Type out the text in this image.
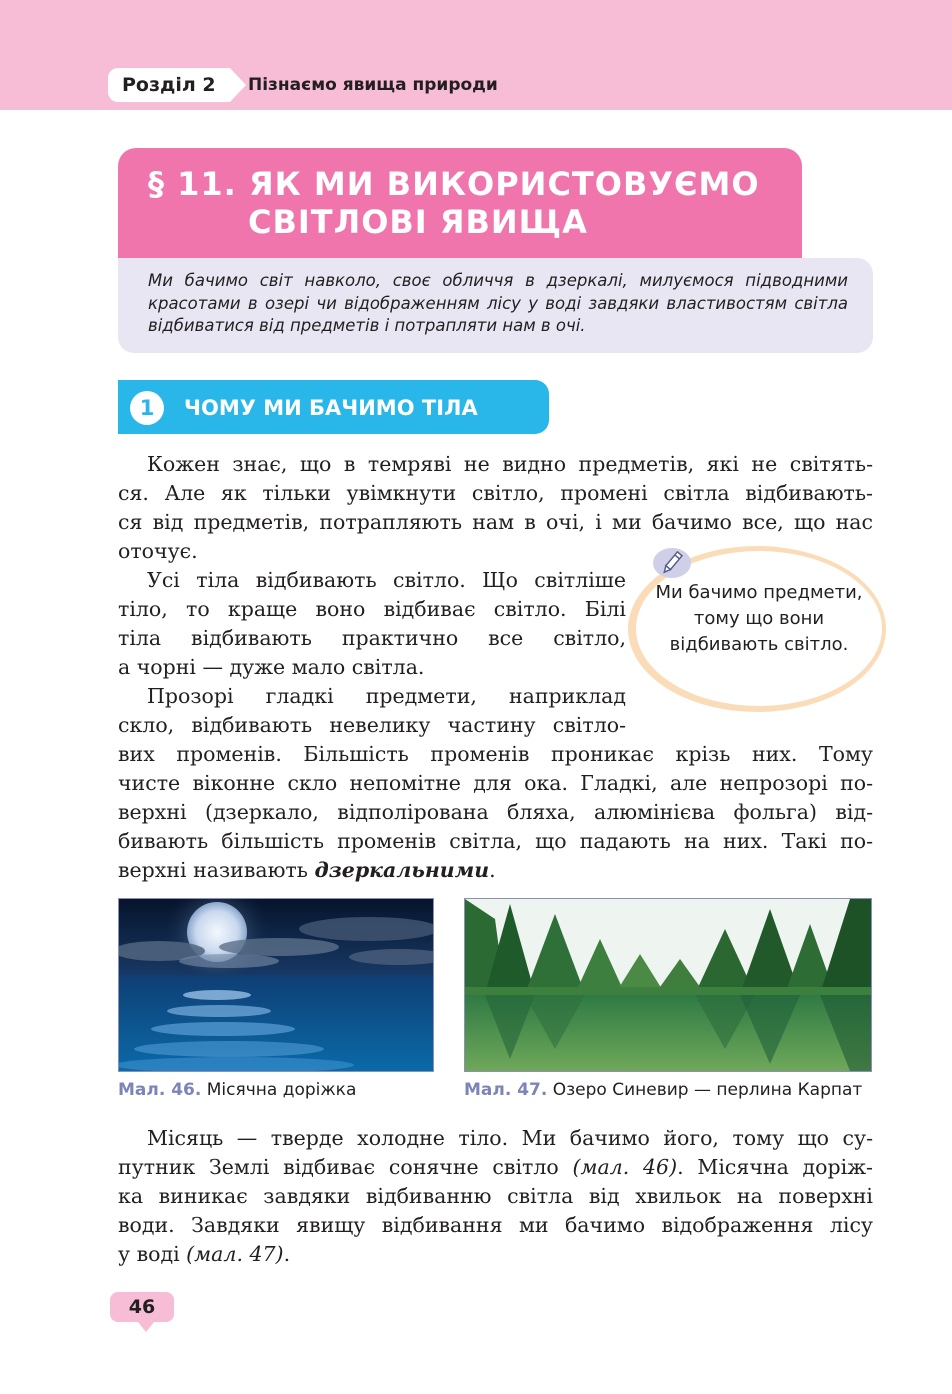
Розділ 2	Пізнаємо явища природи
§ 11. ЯК МИ ВИКОРИСТОВУЄМО
СВІТЛОВІ ЯВИЩА

Ми бачимо світ навколо, своє обличчя в дзеркалі, милуємося підводними красотами в озері чи відображенням лісу у воді завдяки властивостям світла відбиватися від предметів і потрапляти нам в очі.

1	ЧОМУ МИ БАЧИМО ТІЛА

Кожен знає, що в темряві не видно предметів, які не світять-

ся. Але як тільки увімкнути світло, промені світла відбивають-

ся від предметів, потрапляють нам в очі, і ми бачимо все, що нас

оточує.

Усі тіла відбивають світло. Що світліше

тіло, то краще воно відбиває світло. Білі

тіла відбивають практично все світло,

а чорні — дуже мало світла.

Прозорі гладкі предмети, наприклад

скло, відбивають невелику частину світло-

вих променів. Більшість променів проникає крізь них. Тому

чисте віконне скло непомітне для ока. Гладкі, але непрозорі по-

верхні (дзеркало, відполірована бляха, алюмінієва фольга) від-

бивають більшість променів світла, що падають на них. Такі по-

верхні називають дзеркальними.

Ми бачимо предмети, тому що вони відбивають світло.

Мал. 46. Місячна доріжка	Мал. 47. Озеро Синевир — перлина Карпат

Місяць — тверде холодне тіло. Ми бачимо його, тому що су-

путник Землі відбиває сонячне світло (мал. 46). Місячна доріж-

ка виникає завдяки відбиванню світла від хвильок на поверхні

води. Завдяки явищу відбивання ми бачимо відображення лісу

у воді (мал. 47).

46
